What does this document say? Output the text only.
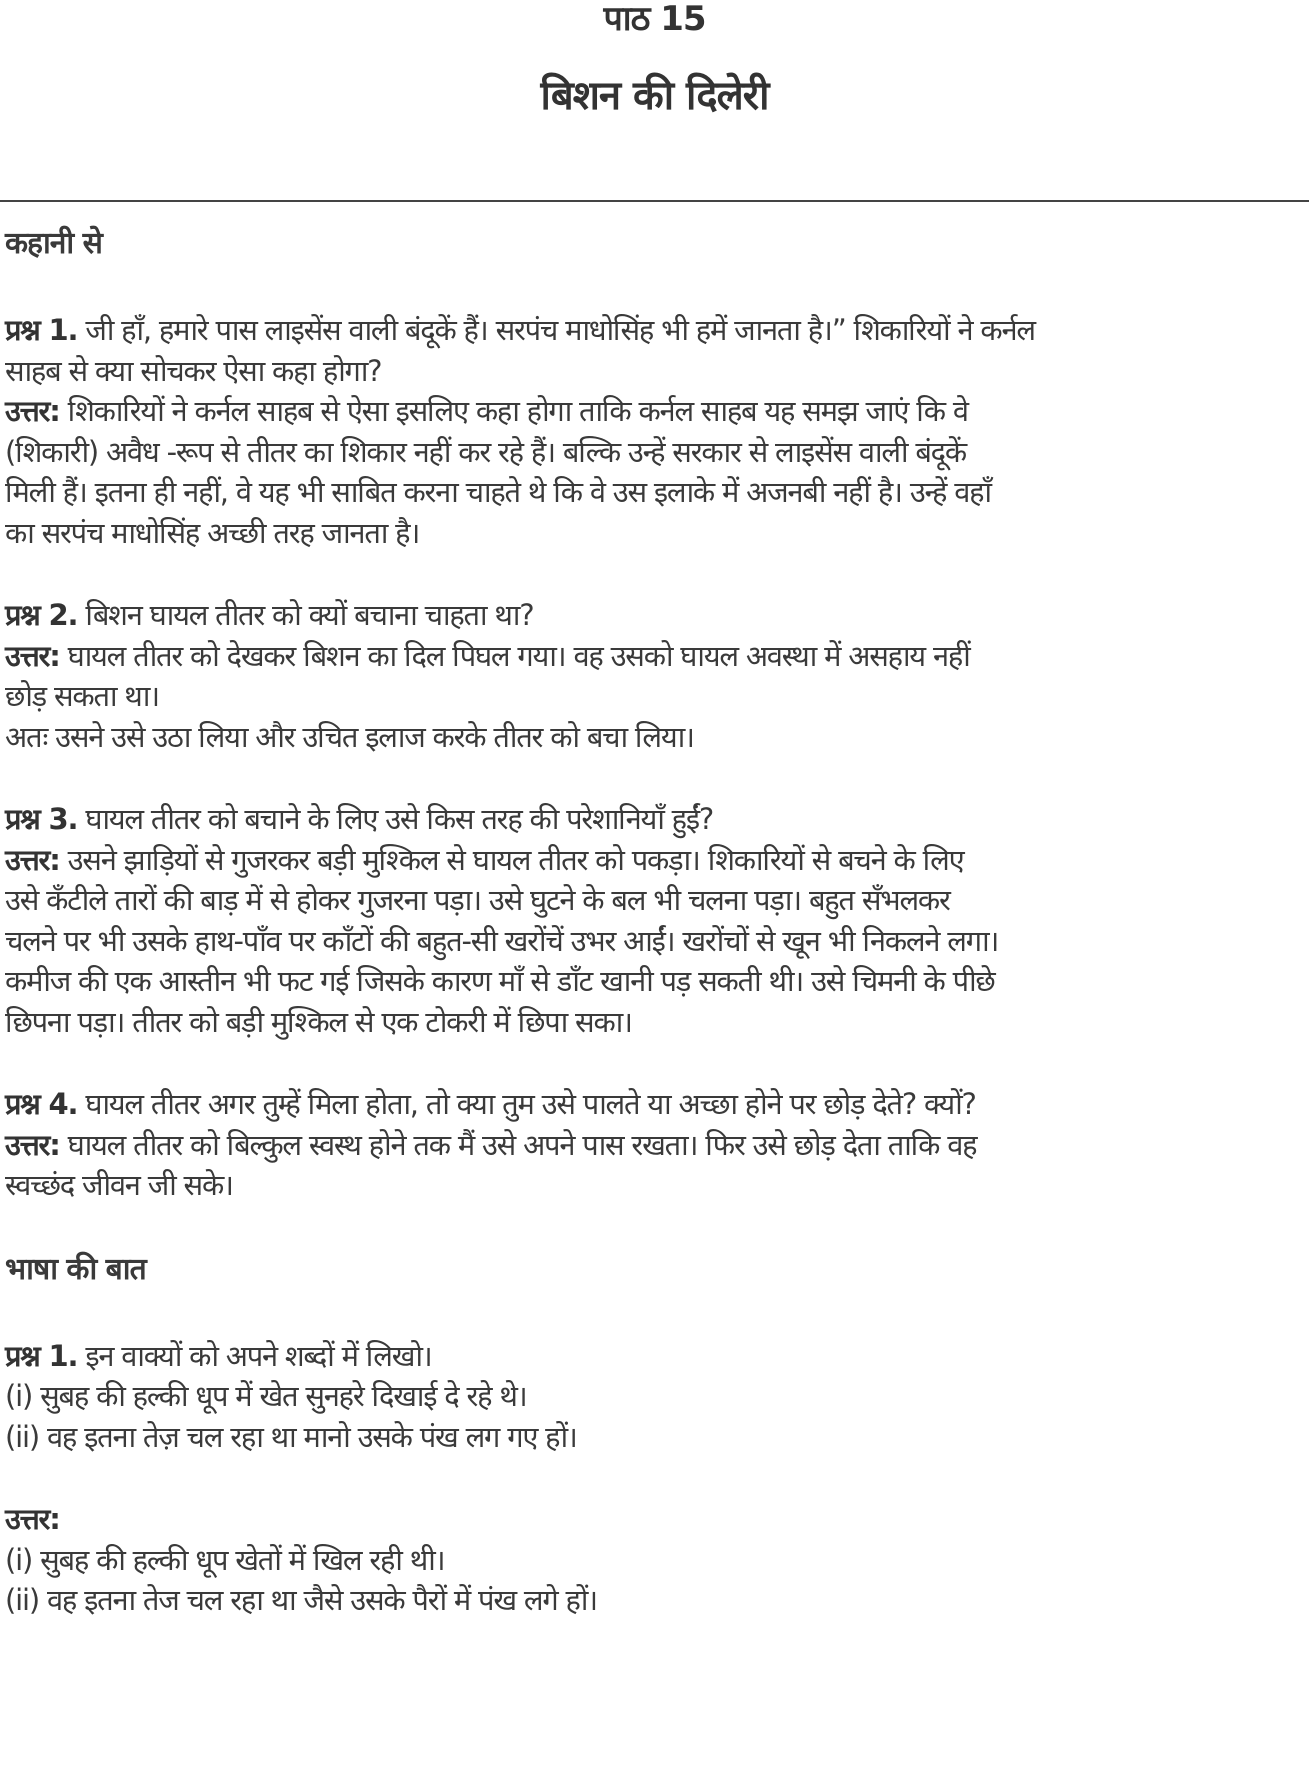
पाठ 15
बिशन की दिलेरी

कहानी से

प्रश्न 1. जी हाँ, हमारे पास लाइसेंस वाली बंदूकें हैं। सरपंच माधोसिंह भी हमें जानता है।” शिकारियों ने कर्नल

साहब से क्या सोचकर ऐसा कहा होगा?

उत्तर: शिकारियों ने कर्नल साहब से ऐसा इसलिए कहा होगा ताकि कर्नल साहब यह समझ जाएं कि वे

(शिकारी) अवैध -रूप से तीतर का शिकार नहीं कर रहे हैं। बल्कि उन्हें सरकार से लाइसेंस वाली बंदूकें

मिली हैं। इतना ही नहीं, वे यह भी साबित करना चाहते थे कि वे उस इलाके में अजनबी नहीं है। उन्हें वहाँ

का सरपंच माधोसिंह अच्छी तरह जानता है।

प्रश्न 2. बिशन घायल तीतर को क्यों बचाना चाहता था?

उत्तर: घायल तीतर को देखकर बिशन का दिल पिघल गया। वह उसको घायल अवस्था में असहाय नहीं

छोड़ सकता था।

अतः उसने उसे उठा लिया और उचित इलाज करके तीतर को बचा लिया।

प्रश्न 3. घायल तीतर को बचाने के लिए उसे किस तरह की परेशानियाँ हुईं?

उत्तर: उसने झाड़ियों से गुजरकर बड़ी मुश्किल से घायल तीतर को पकड़ा। शिकारियों से बचने के लिए

उसे कँटीले तारों की बाड़ में से होकर गुजरना पड़ा। उसे घुटने के बल भी चलना पड़ा। बहुत सँभलकर

चलने पर भी उसके हाथ-पाँव पर काँटों की बहुत-सी खरोंचें उभर आईं। खरोंचों से खून भी निकलने लगा।

कमीज की एक आस्तीन भी फट गई जिसके कारण माँ से डाँट खानी पड़ सकती थी। उसे चिमनी के पीछे

छिपना पड़ा। तीतर को बड़ी मुश्किल से एक टोकरी में छिपा सका।

प्रश्न 4. घायल तीतर अगर तुम्हें मिला होता, तो क्या तुम उसे पालते या अच्छा होने पर छोड़ देते? क्यों?

उत्तर: घायल तीतर को बिल्कुल स्वस्थ होने तक मैं उसे अपने पास रखता। फिर उसे छोड़ देता ताकि वह

स्वच्छंद जीवन जी सके।

भाषा की बात

प्रश्न 1. इन वाक्यों को अपने शब्दों में लिखो।

(i) सुबह की हल्की धूप में खेत सुनहरे दिखाई दे रहे थे।

(ii) वह इतना तेज़ चल रहा था मानो उसके पंख लग गए हों।

उत्तर:

(i) सुबह की हल्की धूप खेतों में खिल रही थी।

(ii) वह इतना तेज चल रहा था जैसे उसके पैरों में पंख लगे हों।
